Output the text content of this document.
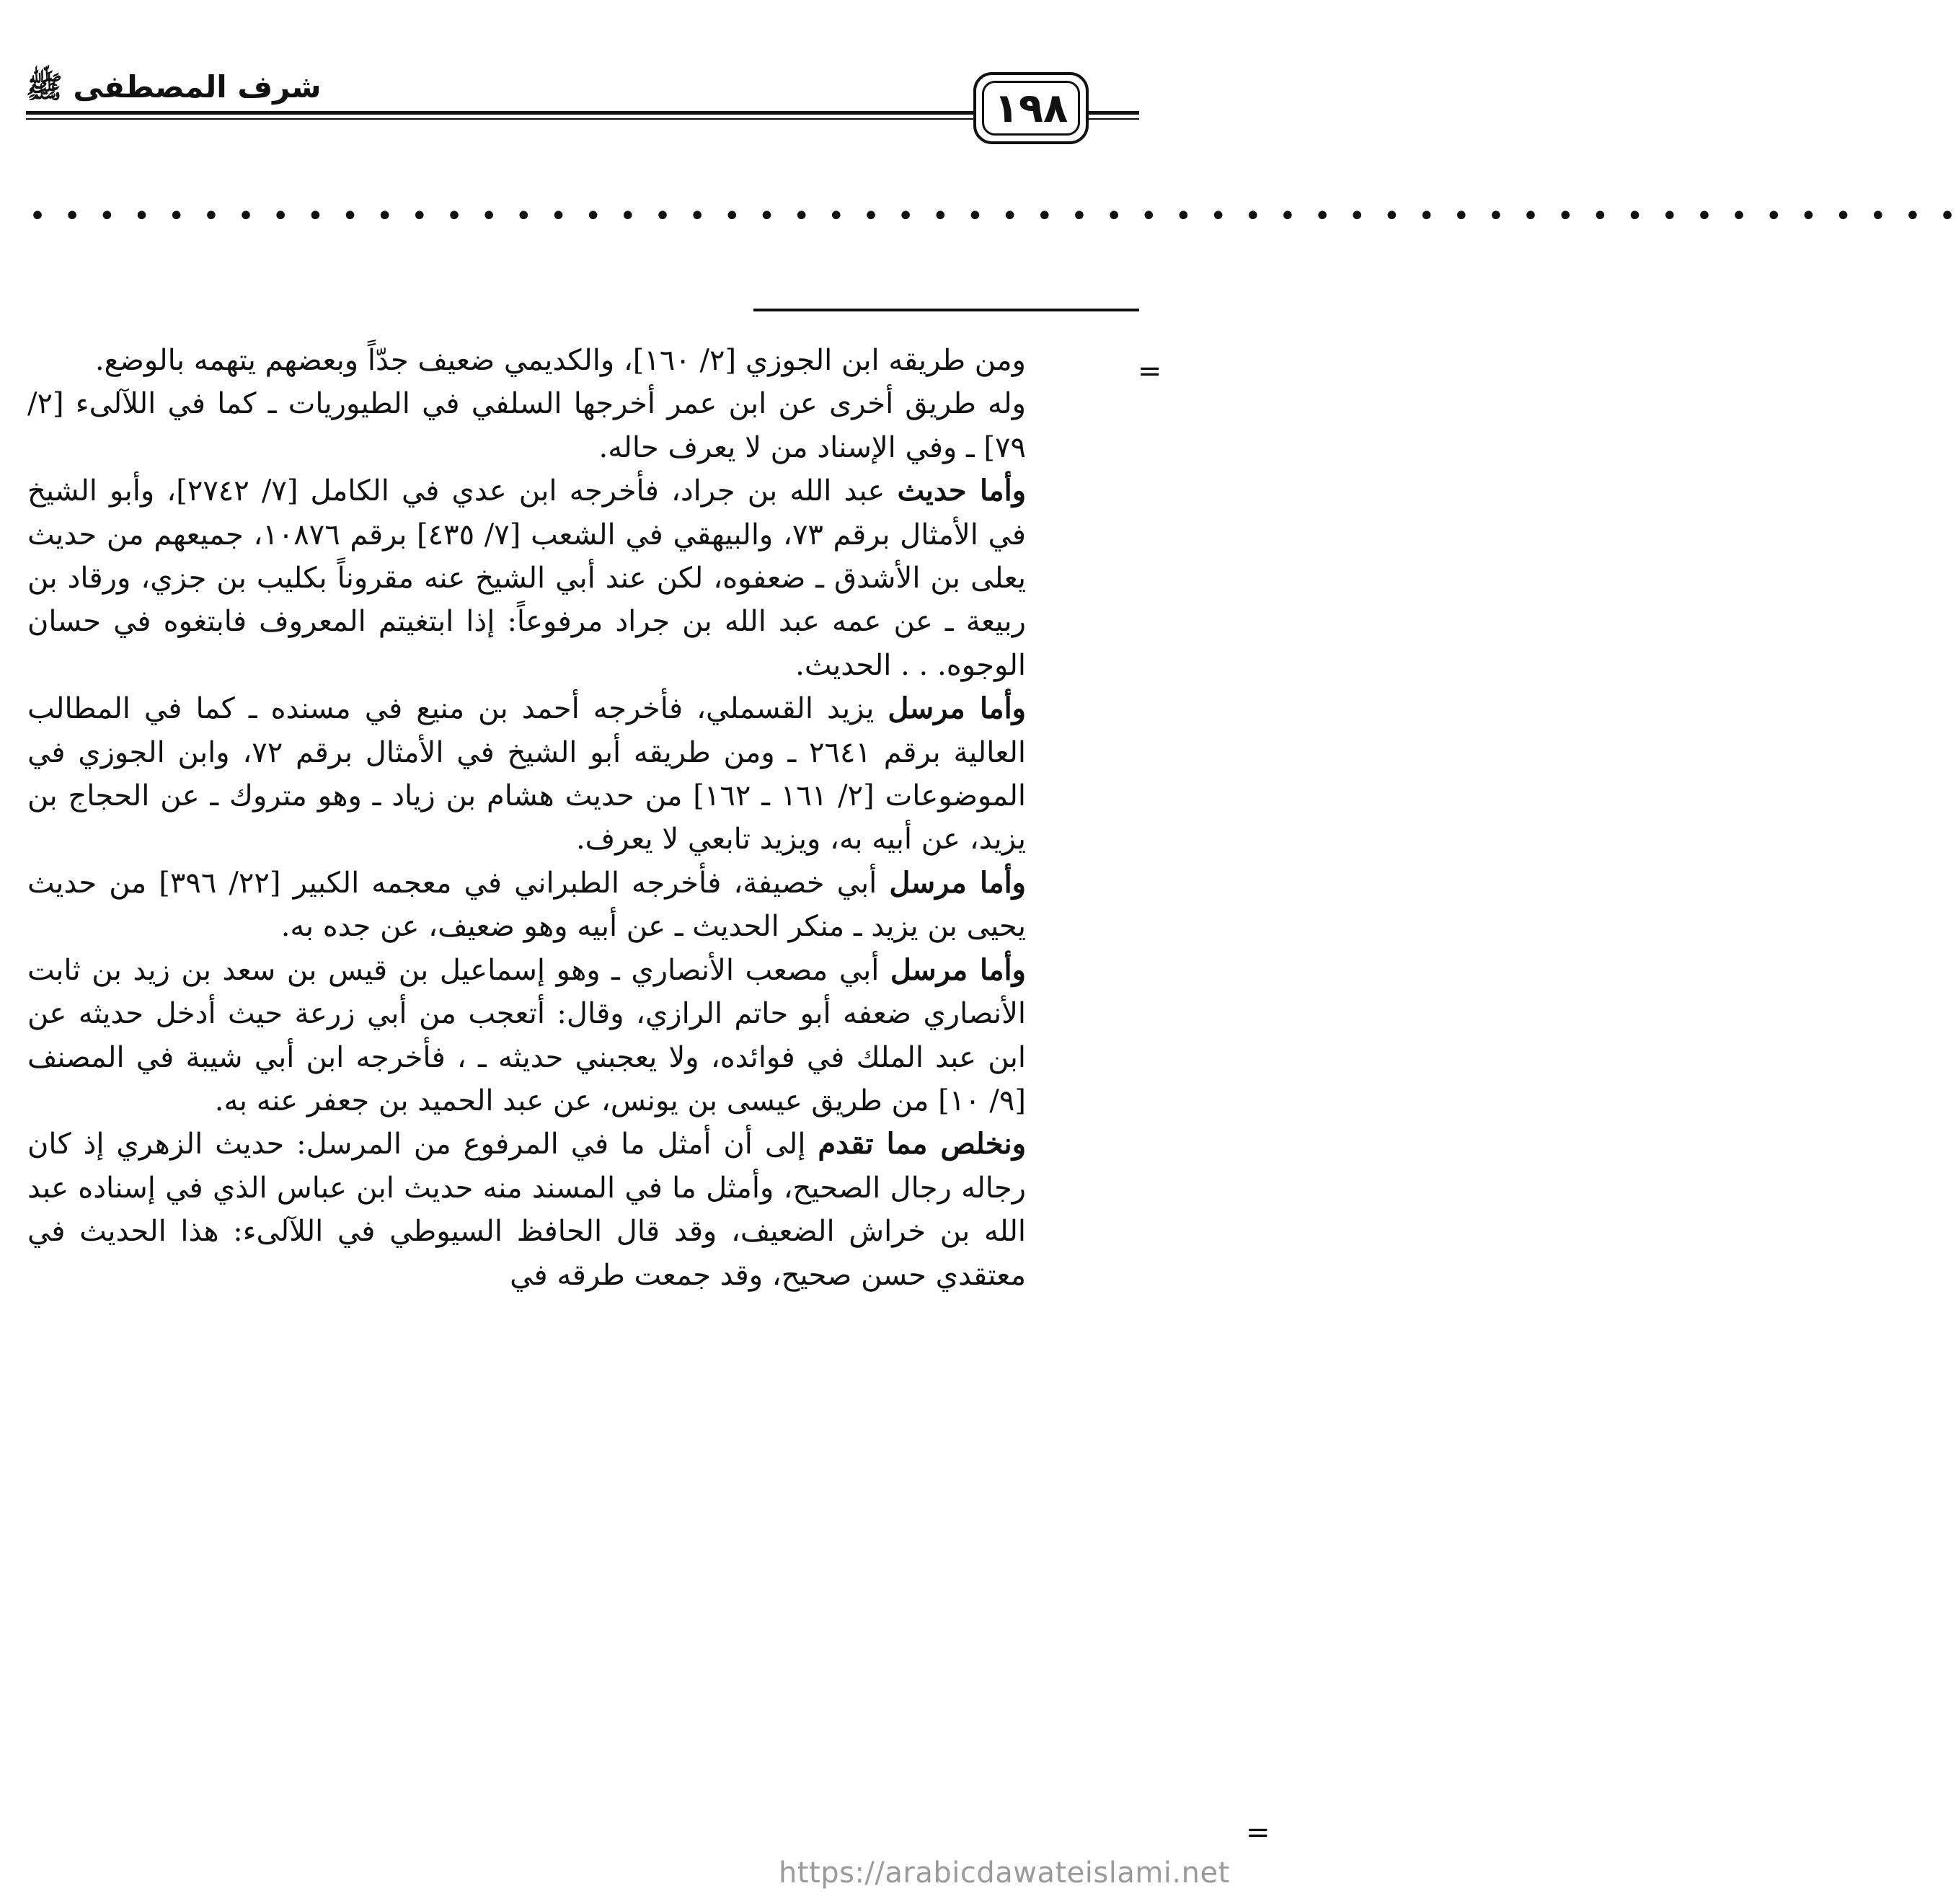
شرف المصطفى ﷺ	١٩٨
• • • • • • • • • • • • • • • • • • • • • • • • • • • • • • • • • • • • • • • • • • • • • • • • • • • • • • • •
=

ومن طريقه ابن الجوزي [٢/ ١٦٠]، والكديمي ضعيف جدّاً وبعضهم يتهمه بالوضع.

وله طريق أخرى عن ابن عمر أخرجها السلفي في الطيوريات ـ كما في اللآلىء [٢/ ٧٩] ـ وفي الإسناد من لا يعرف حاله.

وأما حديث عبد الله بن جراد، فأخرجه ابن عدي في الكامل [٧/ ٢٧٤٢]، وأبو الشيخ في الأمثال برقم ٧٣، والبيهقي في الشعب [٧/ ٤٣٥] برقم ١٠٨٧٦، جميعهم من حديث يعلى بن الأشدق ـ ضعفوه، لكن عند أبي الشيخ عنه مقروناً بكليب بن جزي، ورقاد بن ربيعة ـ عن عمه عبد الله بن جراد مرفوعاً: إذا ابتغيتم المعروف فابتغوه في حسان الوجوه. . . الحديث.

وأما مرسل يزيد القسملي، فأخرجه أحمد بن منيع في مسنده ـ كما في المطالب العالية برقم ٢٦٤١ ـ ومن طريقه أبو الشيخ في الأمثال برقم ٧٢، وابن الجوزي في الموضوعات [٢/ ١٦١ ـ ١٦٢] من حديث هشام بن زياد ـ وهو متروك ـ عن الحجاج بن يزيد، عن أبيه به، ويزيد تابعي لا يعرف.

وأما مرسل أبي خصيفة، فأخرجه الطبراني في معجمه الكبير [٢٢/ ٣٩٦] من حديث يحيى بن يزيد ـ منكر الحديث ـ عن أبيه وهو ضعيف، عن جده به.

وأما مرسل أبي مصعب الأنصاري ـ وهو إسماعيل بن قيس بن سعد بن زيد بن ثابت الأنصاري ضعفه أبو حاتم الرازي، وقال: أتعجب من أبي زرعة حيث أدخل حديثه عن ابن عبد الملك في فوائده، ولا يعجبني حديثه ـ ، فأخرجه ابن أبي شيبة في المصنف [٩/ ١٠] من طريق عيسى بن يونس، عن عبد الحميد بن جعفر عنه به.

ونخلص مما تقدم إلى أن أمثل ما في المرفوع من المرسل: حديث الزهري إذ كان رجاله رجال الصحيح، وأمثل ما في المسند منه حديث ابن عباس الذي في إسناده عبد الله بن خراش الضعيف، وقد قال الحافظ السيوطي في اللآلىء: هذا الحديث في معتقدي حسن صحيح، وقد جمعت طرقه في

=
https://arabicdawateislami.net
